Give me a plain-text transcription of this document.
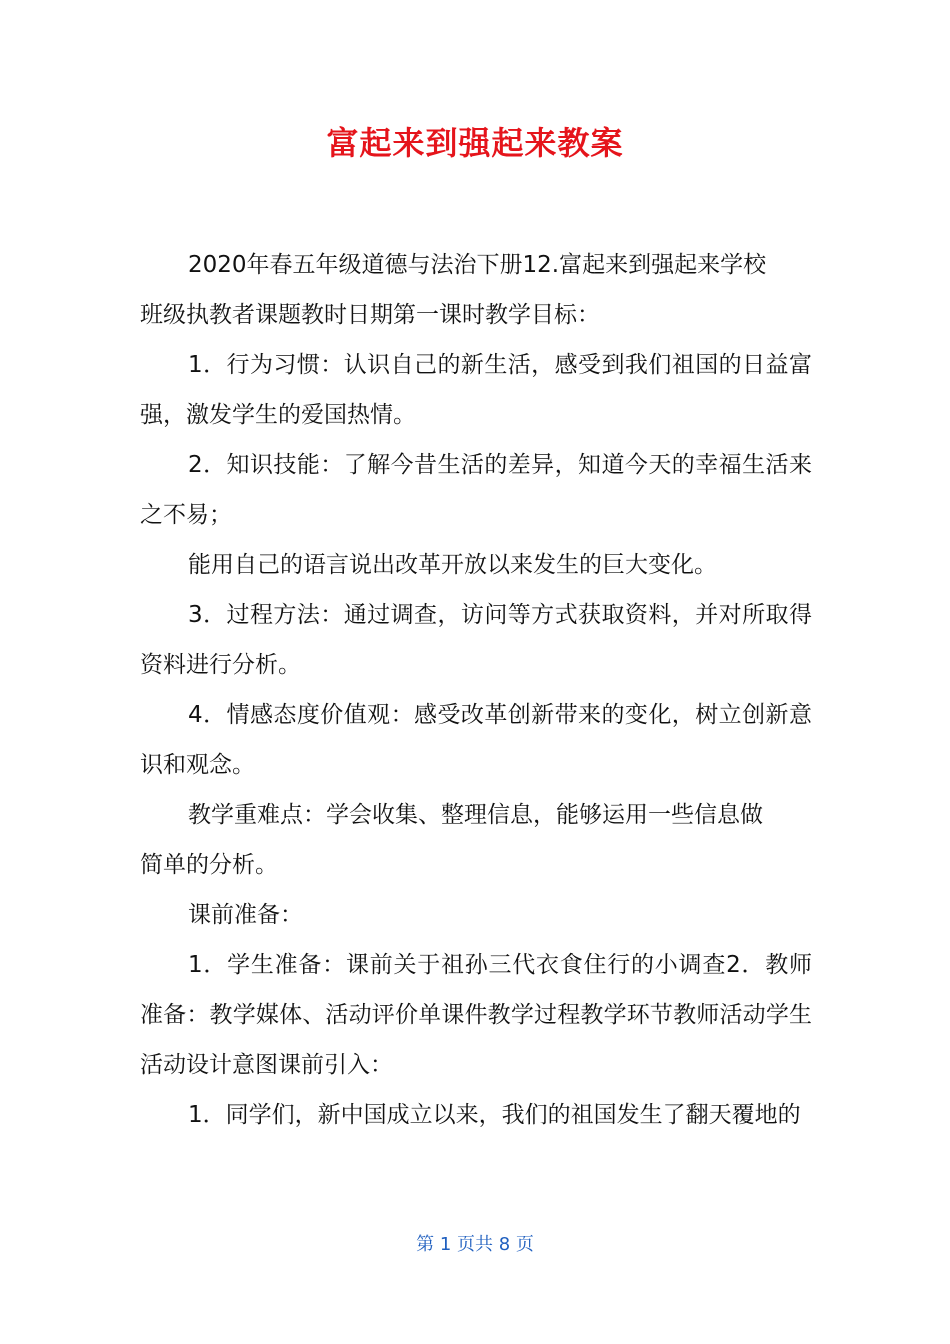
富起来到强起来教案

2020年春五年级道德与法治下册12.富起来到强起来学校

班级执教者课题教时日期第一课时教学目标：

1．行为习惯：认识自己的新生活，感受到我们祖国的日益富强，激发学生的爱国热情。

2．知识技能：了解今昔生活的差异，知道今天的幸福生活来之不易；

能用自己的语言说出改革开放以来发生的巨大变化。

3．过程方法：通过调查，访问等方式获取资料，并对所取得资料进行分析。

4．情感态度价值观：感受改革创新带来的变化，树立创新意识和观念。

教学重难点：学会收集、整理信息，能够运用一些信息做

简单的分析。

课前准备：

1．学生准备：课前关于祖孙三代衣食住行的小调查2．教师准备：教学媒体、活动评价单课件教学过程教学环节教师活动学生活动设计意图课前引入：

1．同学们，新中国成立以来，我们的祖国发生了翻天覆地的

第 1 页共 8 页
